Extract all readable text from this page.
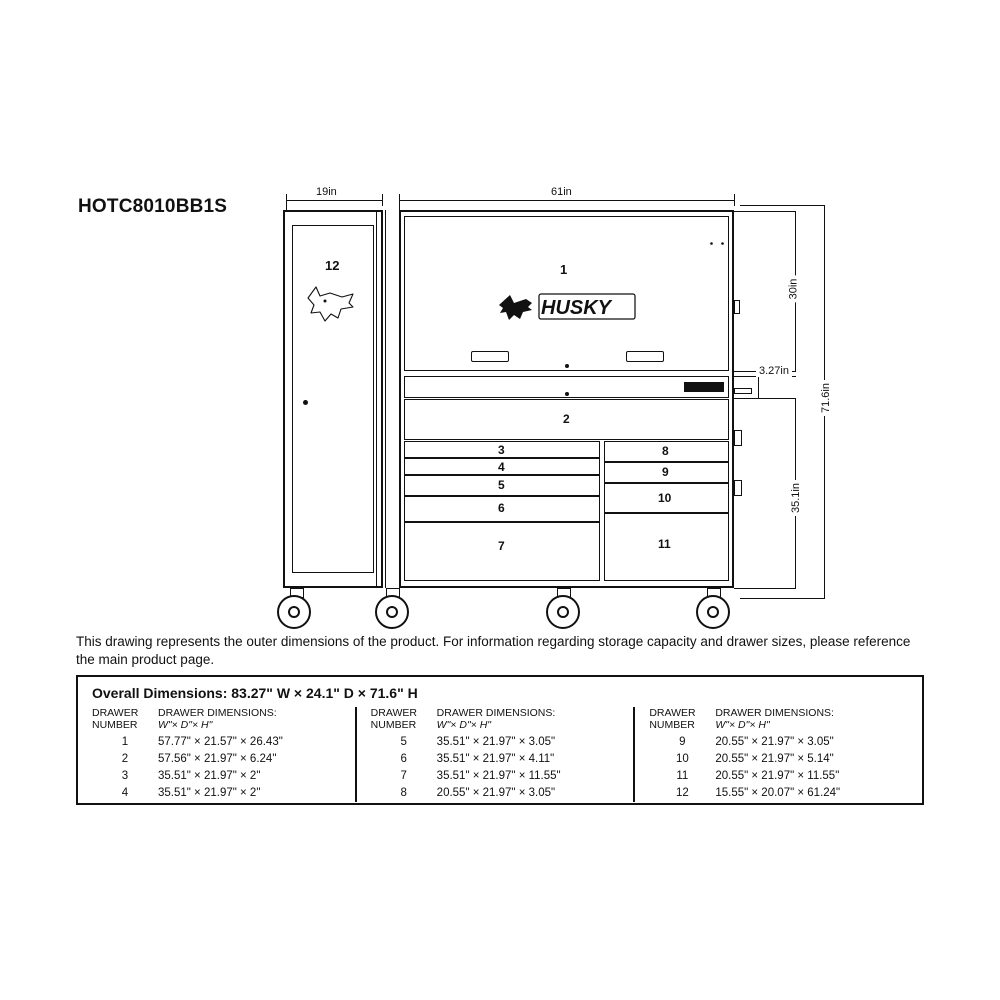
HOTC8010BB1S
19in	61in
30in
3.27in
35.1in
71.6in
12	1
HUSKY
2
3
4
5
6
7
8
9
10
11
This drawing represents the outer dimensions of the product. For information regarding storage capacity and drawer sizes, please reference the main product page.
Overall Dimensions: 83.27" W × 24.1" D × 71.6" H
DRAWER NUMBER
DRAWER DIMENSIONS:
W"× D"× H"
1	57.77" × 21.57" × 26.43"
2	57.56" × 21.97" × 6.24"
3	35.51" × 21.97" × 2"
4	35.51" × 21.97" × 2"
DRAWER NUMBER
DRAWER DIMENSIONS:
W"× D"× H"
5	35.51" × 21.97" × 3.05"
6	35.51" × 21.97" × 4.11"
7	35.51" × 21.97" × 11.55"
8	20.55" × 21.97" × 3.05"
DRAWER NUMBER
DRAWER DIMENSIONS:
W"× D"× H"
9	20.55" × 21.97" × 3.05"
10	20.55" × 21.97" × 5.14"
11	20.55" × 21.97" × 11.55"
12	15.55" × 20.07" × 61.24"
